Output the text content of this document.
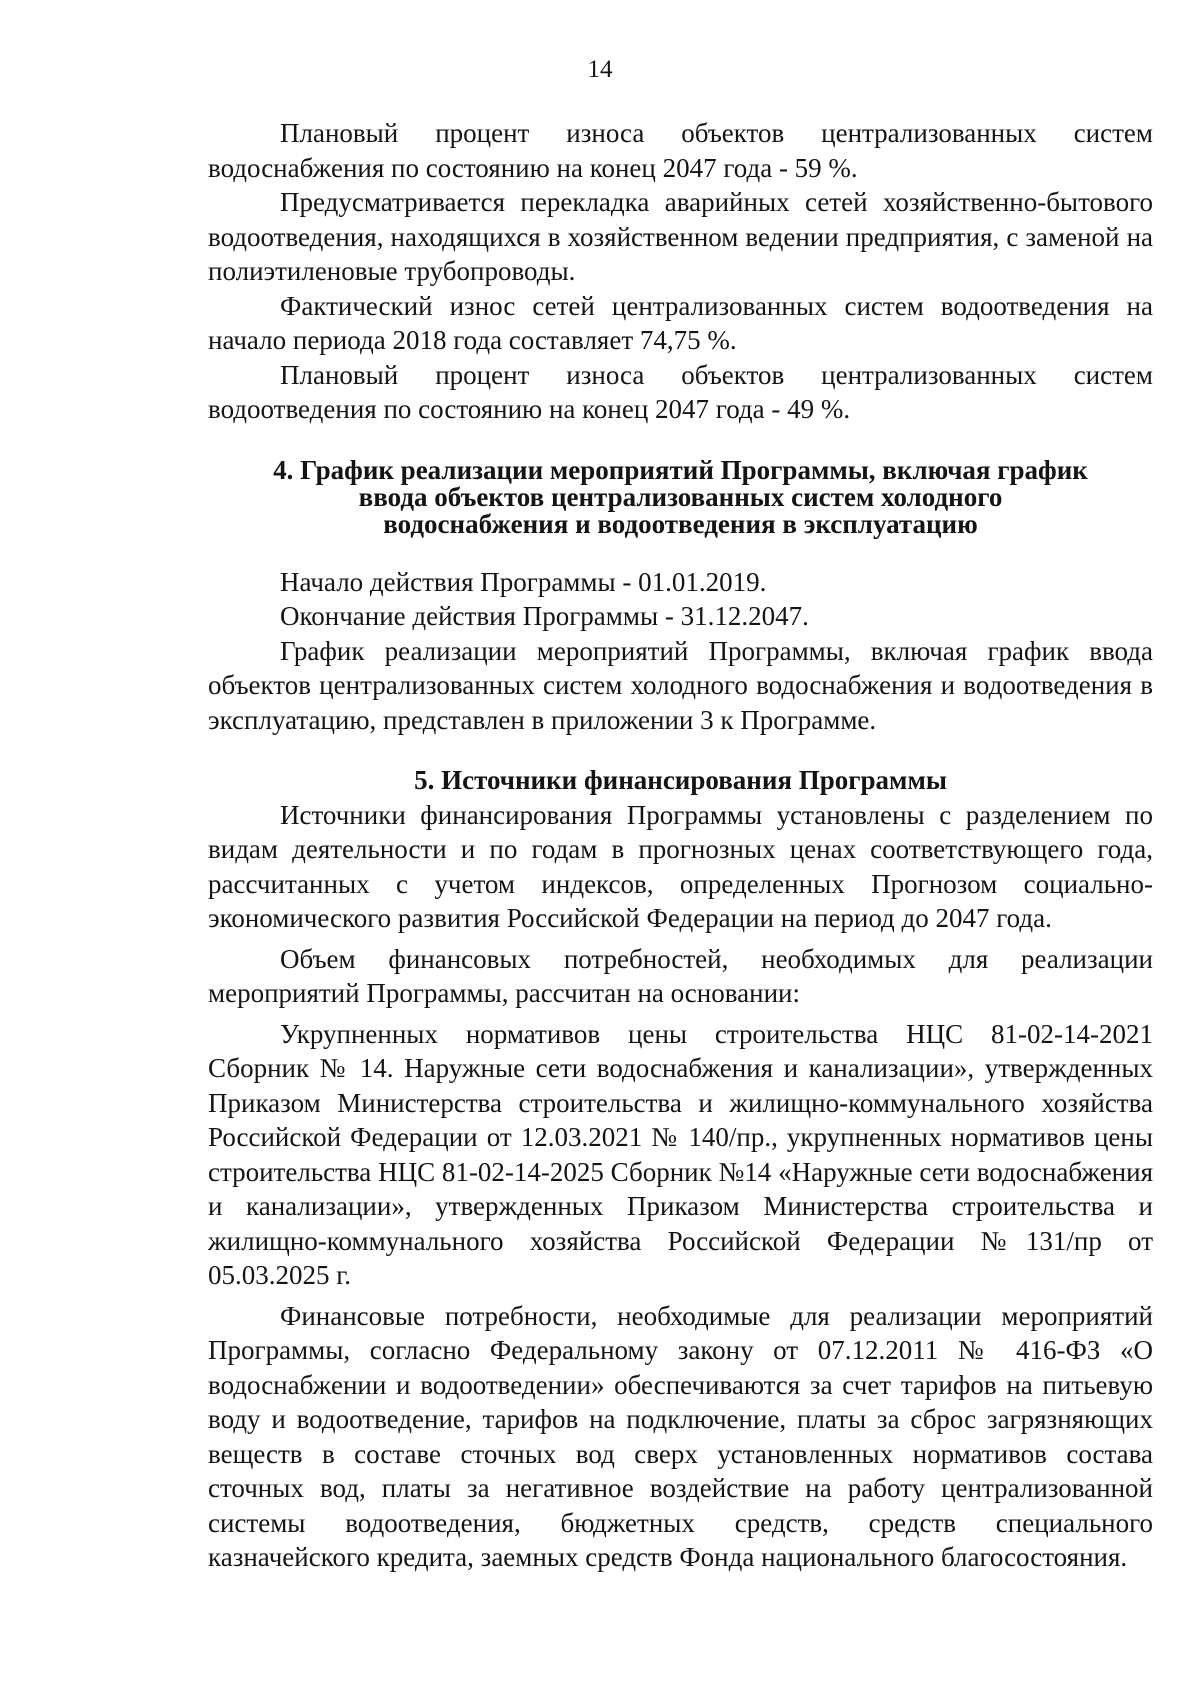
14

Плановый процент износа объектов централизованных систем водоснабжения по состоянию на конец 2047 года - 59 %.

Предусматривается перекладка аварийных сетей хозяйственно-бытового водоотведения, находящихся в хозяйственном ведении предприятия, с заменой на полиэтиленовые трубопроводы.

Фактический износ сетей централизованных систем водоотведения на начало периода 2018 года составляет 74,75 %.

Плановый процент износа объектов централизованных систем водоотведения по состоянию на конец 2047 года - 49 %.

4. График реализации мероприятий Программы, включая график
ввода объектов централизованных систем холодного
водоснабжения и водоотведения в эксплуатацию

Начало действия Программы - 01.01.2019.

Окончание действия Программы - 31.12.2047.

График реализации мероприятий Программы, включая график ввода объектов централизованных систем холодного водоснабжения и водоотведения в эксплуатацию, представлен в приложении 3 к Программе.

5. Источники финансирования Программы

Источники финансирования Программы установлены с разделением по видам деятельности и по годам в прогнозных ценах соответствующего года, рассчитанных с учетом индексов, определенных Прогнозом социально-экономического развития Российской Федерации на период до 2047 года.

Объем финансовых потребностей, необходимых для реализации мероприятий Программы, рассчитан на основании:

Укрупненных нормативов цены строительства НЦС 81-02-14-2021 Сборник № 14. Наружные сети водоснабжения и канализации», утвержденных Приказом Министерства строительства и жилищно-коммунального хозяйства Российской Федерации от 12.03.2021 № 140/пр., укрупненных нормативов цены строительства НЦС 81-02-14-2025 Сборник №14 «Наружные сети водоснабжения и канализации», утвержденных Приказом Министерства строительства и жилищно-коммунального хозяйства Российской Федерации №131/пр от 05.03.2025 г.

Финансовые потребности, необходимые для реализации мероприятий Программы, согласно Федеральному закону от 07.12.2011 № 416-ФЗ «О водоснабжении и водоотведении» обеспечиваются за счет тарифов на питьевую воду и водоотведение, тарифов на подключение, платы за сброс загрязняющих веществ в составе сточных вод сверх установленных нормативов состава сточных вод, платы за негативное воздействие на работу централизованной системы водоотведения, бюджетных средств, средств специального казначейского кредита, заемных средств Фонда национального благосостояния.
